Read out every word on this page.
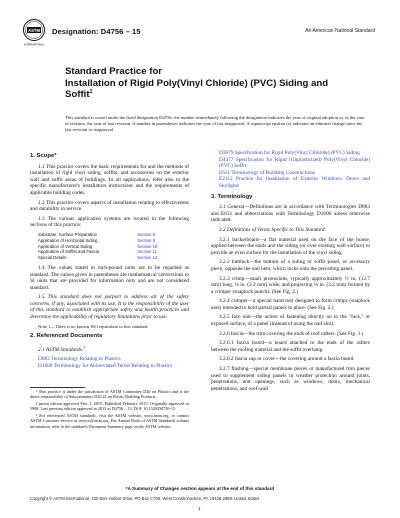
ASTM
INTERNATIONAL
Designation: D4756 – 15	An American National Standard
Standard Practice for
Installation of Rigid Poly(Vinyl Chloride) (PVC) Siding and
Soffit$^1$
This standard is issued under the fixed designation D4756; the number immediately following the designation indicates the year of original adoption or, in the case of revision, the year of last revision. A number in parentheses indicates the year of last reapproval. A superscript epsilon (ε) indicates an editorial change since the last revision or reapproval.
1. Scope*

1.1 This practice covers the basic requirements for and the methods of installation of rigid vinyl siding, soffits, and accessories on the exterior wall and soffit areas of buildings. In all applications, refer also to the specific manufacturer's installation instructions and the requirements of applicable building codes.

1.2 This practice covers aspects of installation relating to effectiveness and durability in service.

1.3 The various application systems are located in the following sections of this practice:

Substrate, Surface Preparation	Section 8
Application of Horizontal Siding	Section 9
Application of Vertical Siding	Section 10
Application of Soffits and Fascia	Section 11
Special Details	Section 12

1.4 The values stated in inch-pound units are to be regarded as standard. The values given in parentheses are mathematical conversions to SI units that are provided for information only and are not considered standard.

1.5 This standard does not purport to address all of the safety concerns, if any, associated with its use. It is the responsibility of the user of this standard to establish appropriate safety and health practices and determine the applicability of regulatory limitations prior to use.

Note 1—There is no known ISO equivalent to this standard.

2. Referenced Documents

2.1 ASTM Standards:$^2$

D883 Terminology Relating to Plastics
D1600 Terminology for Abbreviated Terms Relating to Plastics

¹ This practice is under the jurisdiction of ASTM Committee D20 on Plastics and is the direct responsibility of Subcommittee D20.24 on Plastic Building Products.

Current edition approved Feb. 1, 2015. Published February 2015. Originally approved in 1988. Last previous edition approved in 2013 as D4756 – 13. DOI: 10.1520/D4756-15.

² For referenced ASTM standards, visit the ASTM website, www.astm.org, or contact ASTM Customer Service at service@astm.org. For Annual Book of ASTM Standards volume information, refer to the standard's Document Summary page on the ASTM website.

D3679 Specification for Rigid Poly(Vinyl Chloride) (PVC) Siding
D4477 Specification for Rigid (Unplasticized) Poly(Vinyl Chloride) (PVC) Soffit
E631 Terminology of Building Constructions
E2112 Practice for Installation of Exterior Windows, Doors and Skylights
3. Terminology

3.1 General—Definitions are in accordance with Terminologies D883 and E631 and abbreviations with Terminology D1600 unless otherwise indicated.

3.2 Definitions of Terms Specific to This Standard:

3.2.1 backerboard—a flat material used on the face of the house, applied between the studs and the siding (or over existing wall surface) to provide an even surface for the installation of the vinyl siding.

3.2.2 buttlock—the bottom of a siding or soffit panel, or accessory piece, opposite the nail hem, which locks onto the preceding panel.

3.2.3 crimp—small protrusions, typically approximately ½ in. (12.7 mm) long, ⅛ in. (3.2 mm) wide, and projecting ⅛ in. (3.2 mm) formed by a crimper (snaplock punch). (See Fig. 2.)

3.2.4 crimper—a special hand tool designed to form crimps (snaplock ears) intended to hold partial panels in place. (See Fig. 2.)

3.2.5 face nail—the action of fastening directly on to the "face," or exposed surface, of a panel (instead of using the nail slot).

3.2.6 fascia—the trim covering the ends of roof rafters. (See Fig. 1.)

3.2.6.1 fascia board—a board attached to the ends of the rafters between the roofing material and the soffit overhang.

3.2.6.2 fascia cap or cover—the covering around a fascia board.

3.2.7 flashing—special membrane pieces or manufactured trim pieces used to supplement siding panels in weather protection around joints, penetrations, and openings, such as windows, doors, mechanical penetrations, and roof-wall

*A Summary of Changes section appears at the end of this standard
Copyright © ASTM International, 100 Barr Harbor Drive, PO Box C700, West Conshohocken, PA 19428-2959. United States
1
